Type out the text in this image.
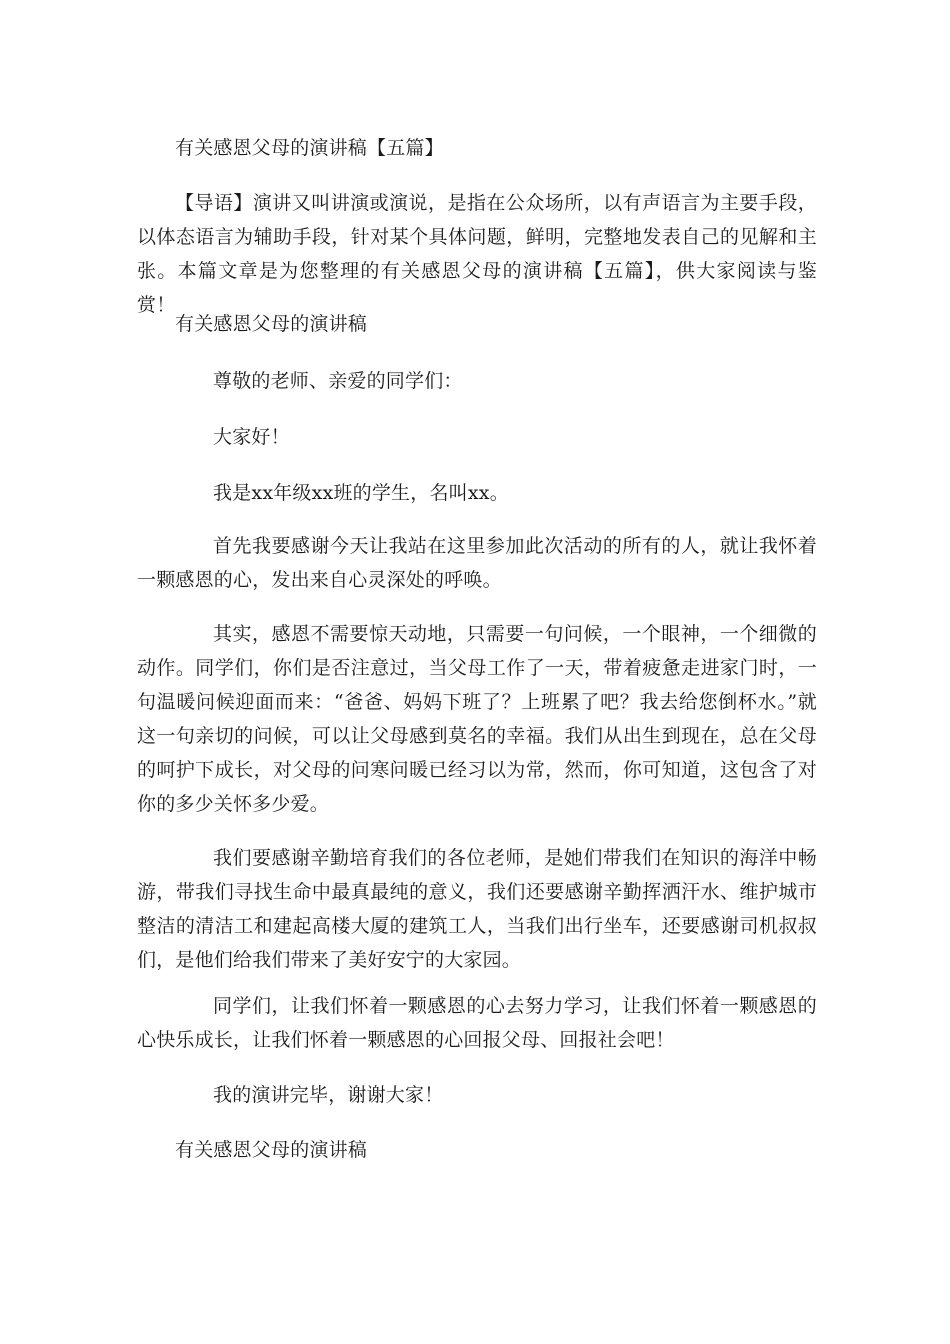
有关感恩父母的演讲稿【五篇】
【导语】演讲又叫讲演或演说，是指在公众场所，以有声语言为主要手段，以体态语言为辅助手段，针对某个具体问题，鲜明，完整地发表自己的见解和主张。本篇文章是为您整理的有关感恩父母的演讲稿【五篇】，供大家阅读与鉴赏！
有关感恩父母的演讲稿
尊敬的老师、亲爱的同学们：
大家好！
我是xx年级xx班的学生，名叫xx。
首先我要感谢今天让我站在这里参加此次活动的所有的人，就让我怀着一颗感恩的心，发出来自心灵深处的呼唤。
其实，感恩不需要惊天动地，只需要一句问候，一个眼神，一个细微的动作。同学们，你们是否注意过，当父母工作了一天，带着疲惫走进家门时，一句温暖问候迎面而来：“爸爸、妈妈下班了？上班累了吧？我去给您倒杯水。”就这一句亲切的问候，可以让父母感到莫名的幸福。我们从出生到现在，总在父母的呵护下成长，对父母的问寒问暖已经习以为常，然而，你可知道，这包含了对你的多少关怀多少爱。
我们要感谢辛勤培育我们的各位老师，是她们带我们在知识的海洋中畅游，带我们寻找生命中最真最纯的意义，我们还要感谢辛勤挥洒汗水、维护城市整洁的清洁工和建起高楼大厦的建筑工人，当我们出行坐车，还要感谢司机叔叔们，是他们给我们带来了美好安宁的大家园。
同学们，让我们怀着一颗感恩的心去努力学习，让我们怀着一颗感恩的心快乐成长，让我们怀着一颗感恩的心回报父母、回报社会吧！
我的演讲完毕，谢谢大家！
有关感恩父母的演讲稿
